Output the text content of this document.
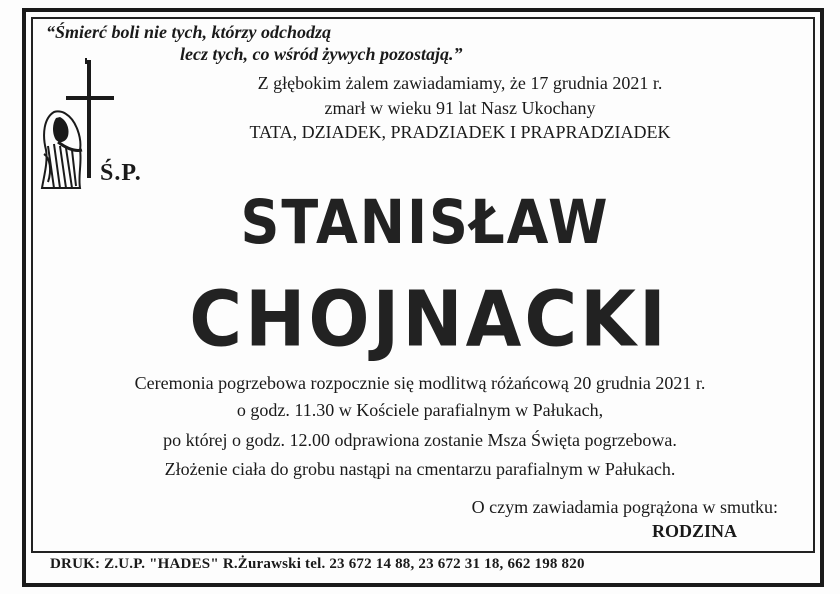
“Śmierć boli nie tych, którzy odchodzą
lecz tych, co wśród żywych pozostają.”
Ś.P.
Z głębokim żalem zawiadamiamy, że 17 grudnia 2021 r.
zmarł w wieku 91 lat Nasz Ukochany
TATA, DZIADEK, PRADZIADEK I PRAPRADZIADEK
STANISŁAW
CHOJNACKI
Ceremonia pogrzebowa rozpocznie się modlitwą różańcową 20 grudnia 2021 r.
o godz. 11.30 w Kościele parafialnym w Pałukach,
po której o godz. 12.00 odprawiona zostanie Msza Święta pogrzebowa.
Złożenie ciała do grobu nastąpi na cmentarzu parafialnym w Pałukach.
O czym zawiadamia pogrążona w smutku:
RODZINA
DRUK: Z.U.P. "HADES" R.Żurawski tel. 23 672 14 88, 23 672 31 18, 662 198 820
